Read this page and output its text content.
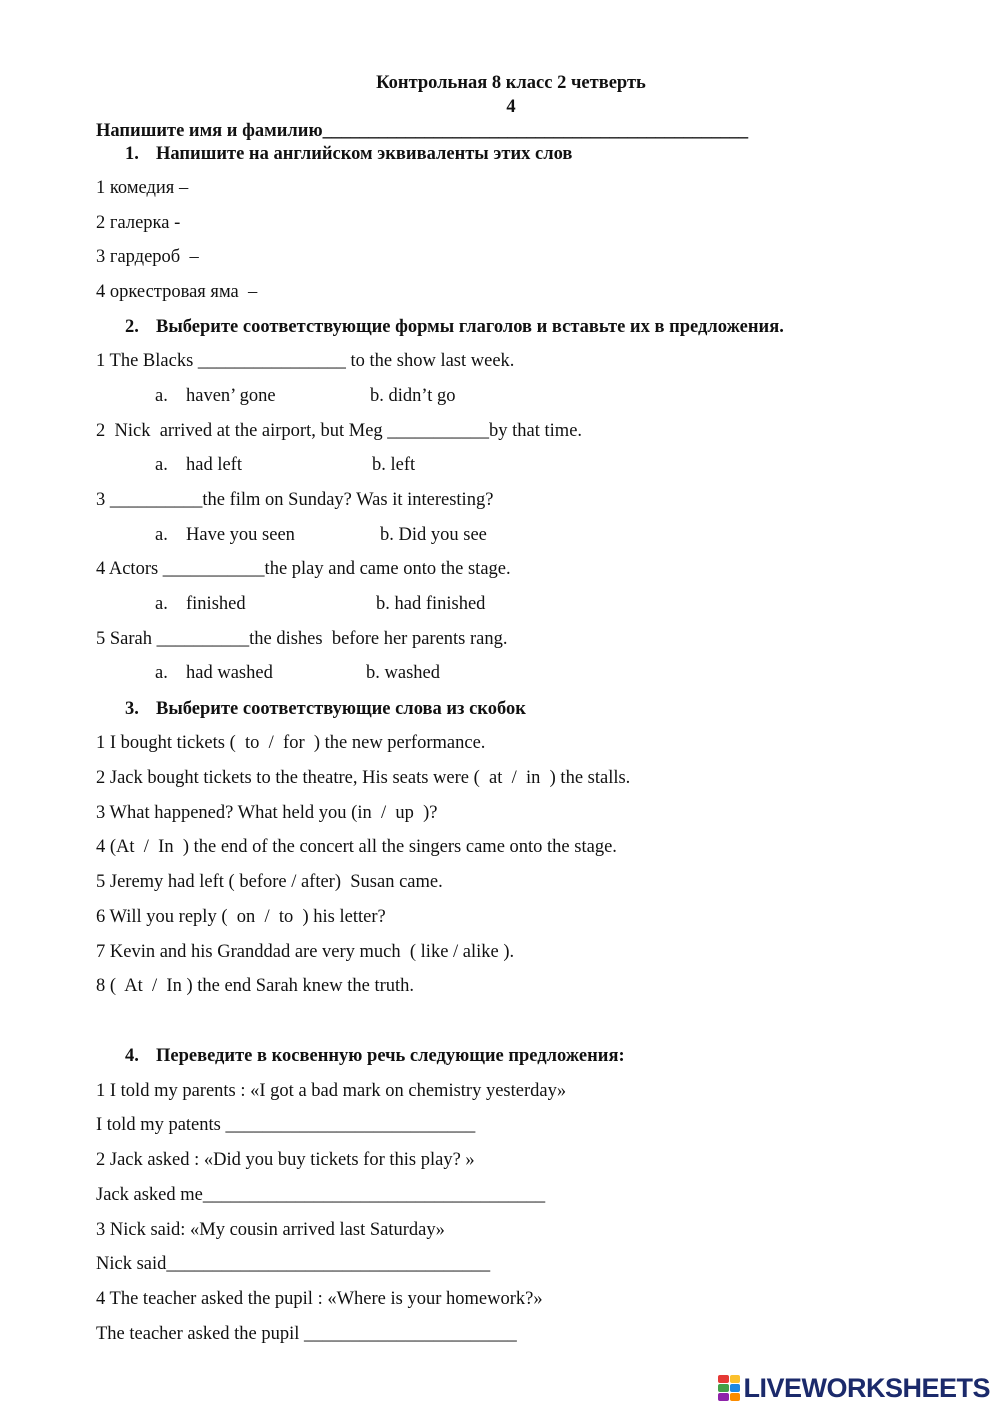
Контрольная 8 класс 2 четверть
4
Напишите имя и фамилию______________________________________________
1. Напишите на английском эквиваленты этих слов
1 комедия –
2 галерка -
3 гардероб  –
4 оркестровая яма  –
2. Выберите соответствующие формы глаголов и вставьте их в предложения.
1 The Blacks ________________ to the show last week.
a. haven’ gone	b. didn’t go
2  Nick  arrived at the airport, but Meg ___________by that time.
a. had left	b. left
3 __________the film on Sunday? Was it interesting?
a. Have you seen	b. Did you see
4 Actors ___________the play and came onto the stage.
a. finished	b. had finished
5 Sarah __________the dishes  before her parents rang.
a. had washed	b. washed
3. Выберите соответствующие слова из скобок
1 I bought tickets (  to  /  for  ) the new performance.
2 Jack bought tickets to the theatre, His seats were (  at  /  in  ) the stalls.
3 What happened? What held you (in  /  up  )?
4 (At  /  In  ) the end of the concert all the singers came onto the stage.
5 Jeremy had left ( before / after)  Susan came.
6 Will you reply (  on  /  to  ) his letter?
7 Kevin and his Granddad are very much  ( like / alike ).
8 (  At  /  In ) the end Sarah knew the truth.
4. Переведите в косвенную речь следующие предложения:
1 I told my parents : «I got a bad mark on chemistry yesterday»
I told my patents ___________________________
2 Jack asked : «Did you buy tickets for this play? »
Jack asked me_____________________________________
3 Nick said: «My cousin arrived last Saturday»
Nick said___________________________________
4 The teacher asked the pupil : «Where is your homework?»
The teacher asked the pupil _______________________
LIVEWORKSHEETS
